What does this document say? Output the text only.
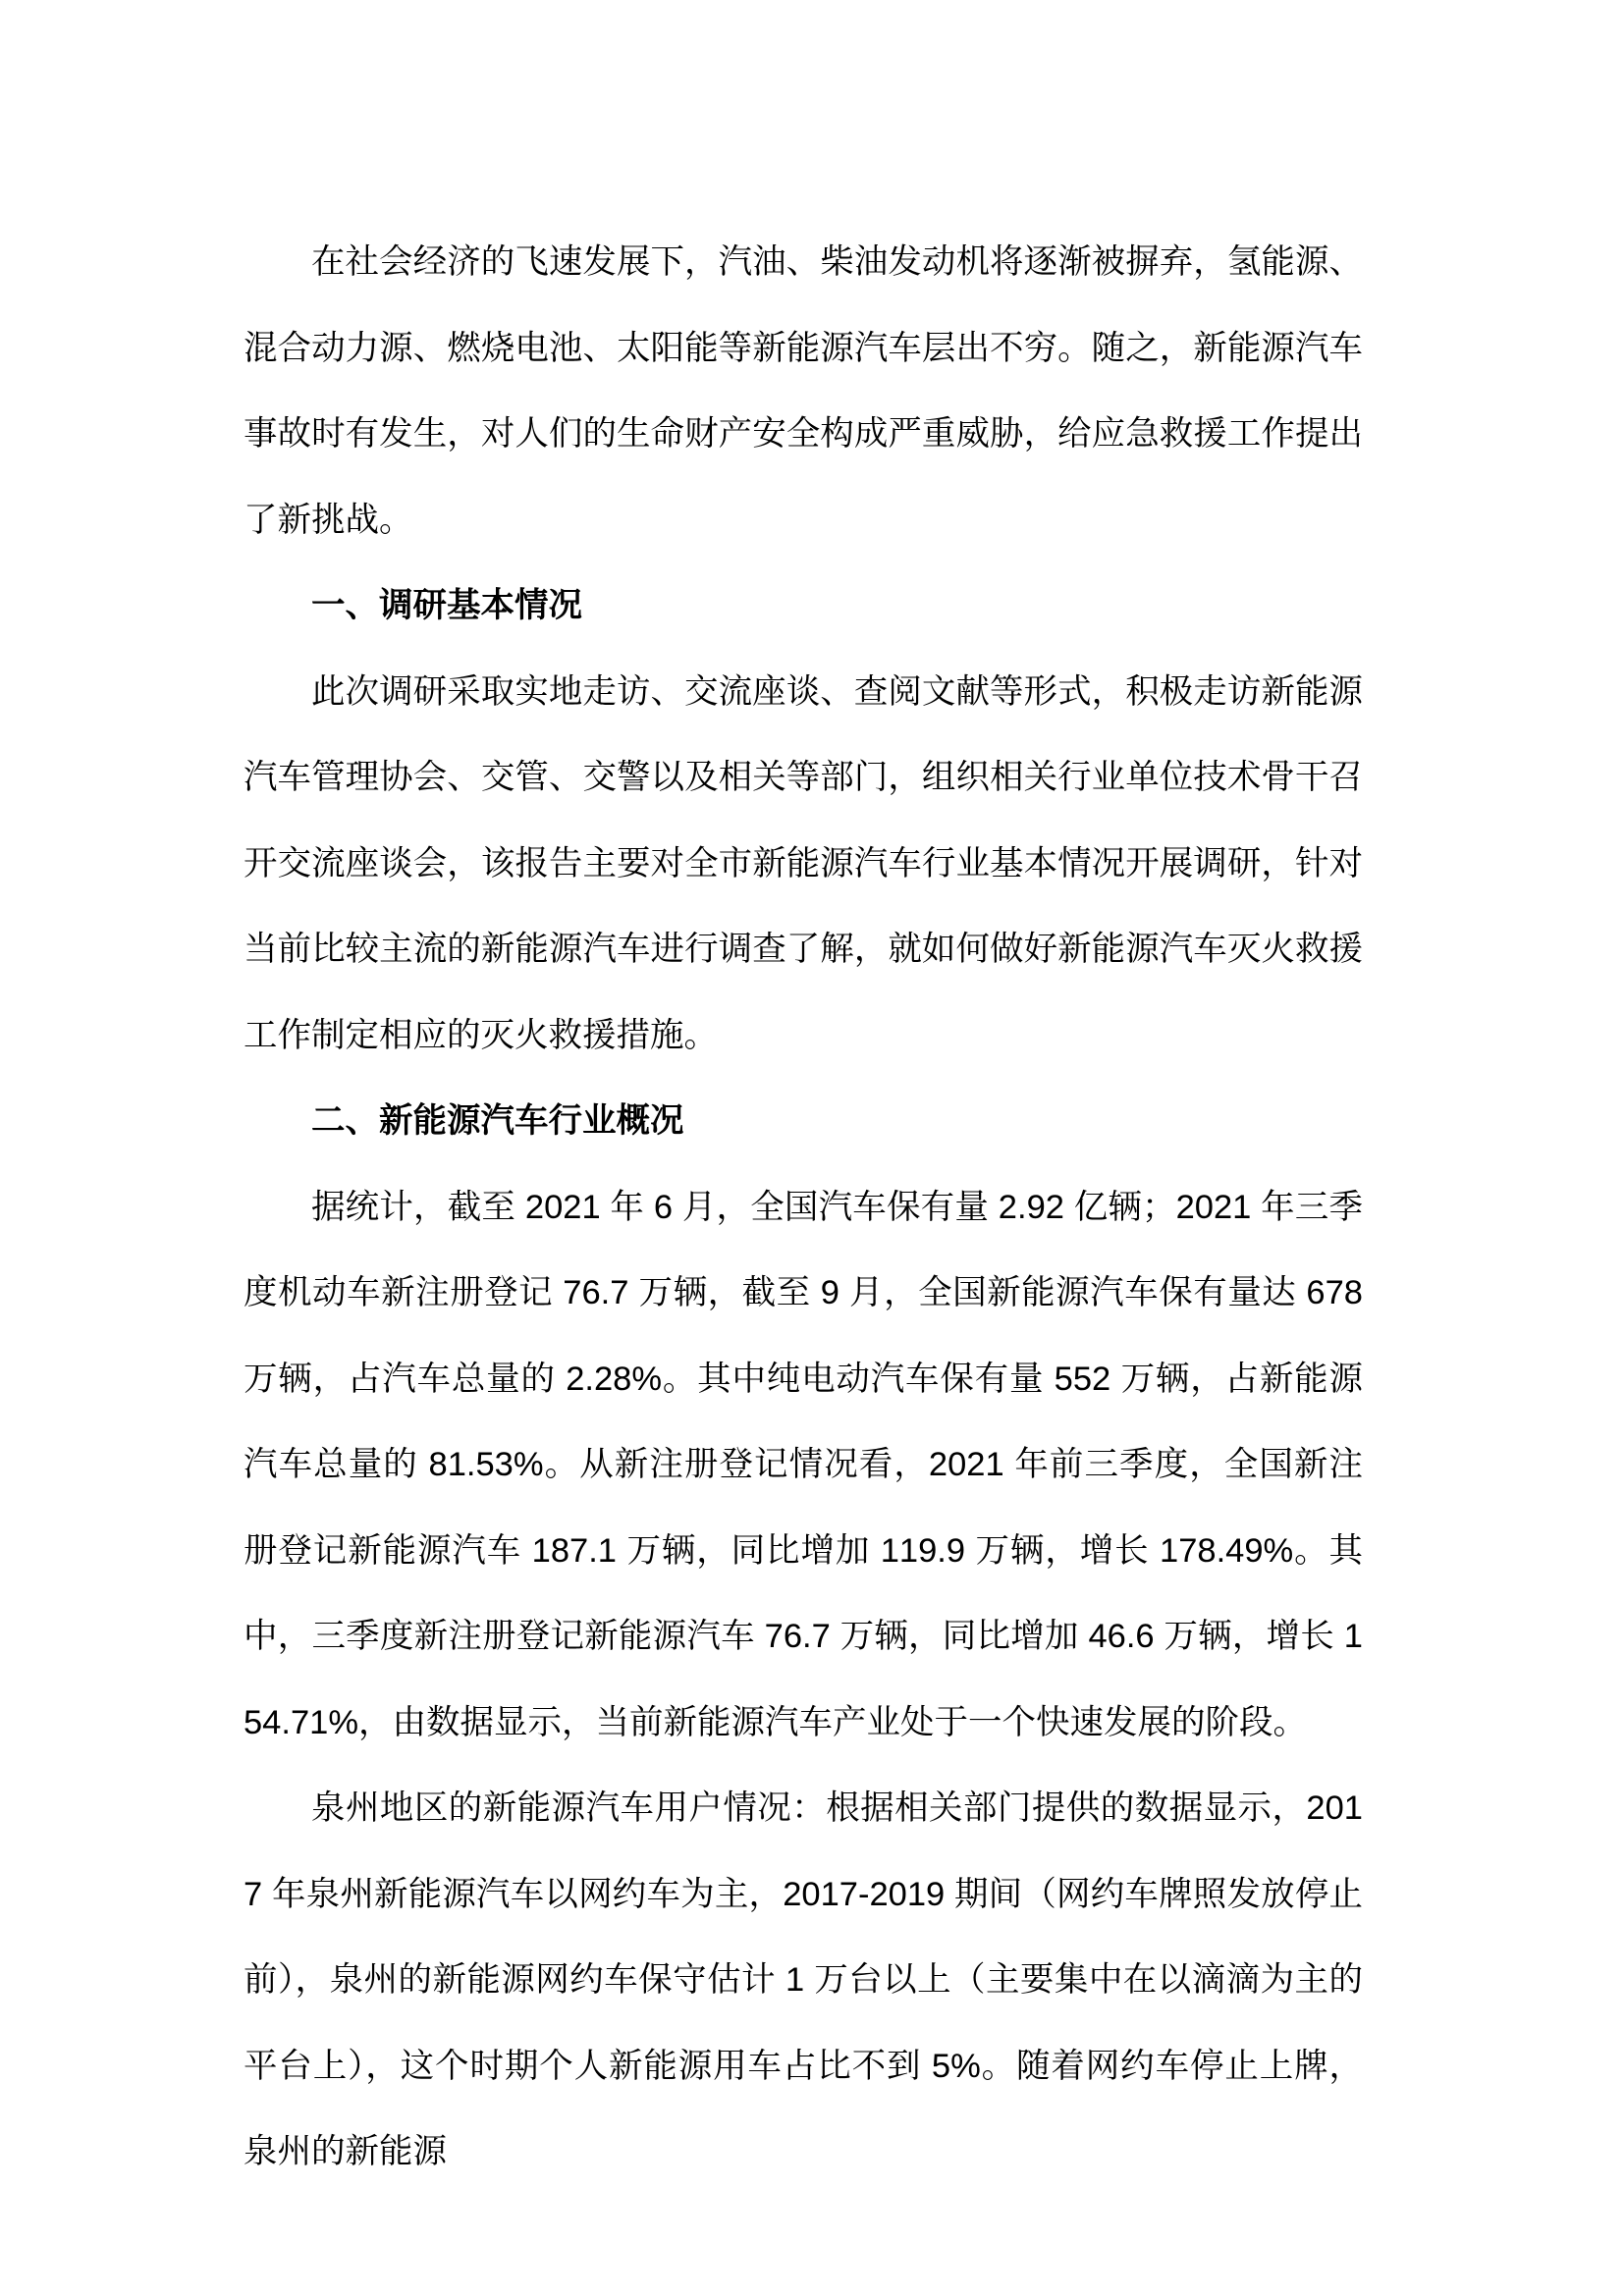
在社会经济的飞速发展下，汽油、柴油发动机将逐渐被摒弃，氢能源、混合动力源、燃烧电池、太阳能等新能源汽车层出不穷。随之，新能源汽车事故时有发生，对人们的生命财产安全构成严重威胁，给应急救援工作提出了新挑战。

一、调研基本情况

此次调研采取实地走访、交流座谈、查阅文献等形式，积极走访新能源汽车管理协会、交管、交警以及相关等部门，组织相关行业单位技术骨干召开交流座谈会，该报告主要对全市新能源汽车行业基本情况开展调研，针对当前比较主流的新能源汽车进行调查了解，就如何做好新能源汽车灭火救援工作制定相应的灭火救援措施。

二、新能源汽车行业概况

据统计，截至 2021 年 6 月，全国汽车保有量 2.92 亿辆；2021 年三季度机动车新注册登记 76.7 万辆，截至 9 月，全国新能源汽车保有量达 678 万辆，占汽车总量的 2.28%。其中纯电动汽车保有量 552 万辆，占新能源汽车总量的 81.53%。从新注册登记情况看，2021 年前三季度，全国新注册登记新能源汽车 187.1 万辆，同比增加 119.9 万辆，增长 178.49%。其中，三季度新注册登记新能源汽车 76.7 万辆，同比增加 46.6 万辆，增长 154.71%，由数据显示，当前新能源汽车产业处于一个快速发展的阶段。

泉州地区的新能源汽车用户情况：根据相关部门提供的数据显示，2017 年泉州新能源汽车以网约车为主，2017-2019 期间（网约车牌照发放停止前），泉州的新能源网约车保守估计 1 万台以上（主要集中在以滴滴为主的平台上），这个时期个人新能源用车占比不到 5%。随着网约车停止上牌，泉州的新能源
